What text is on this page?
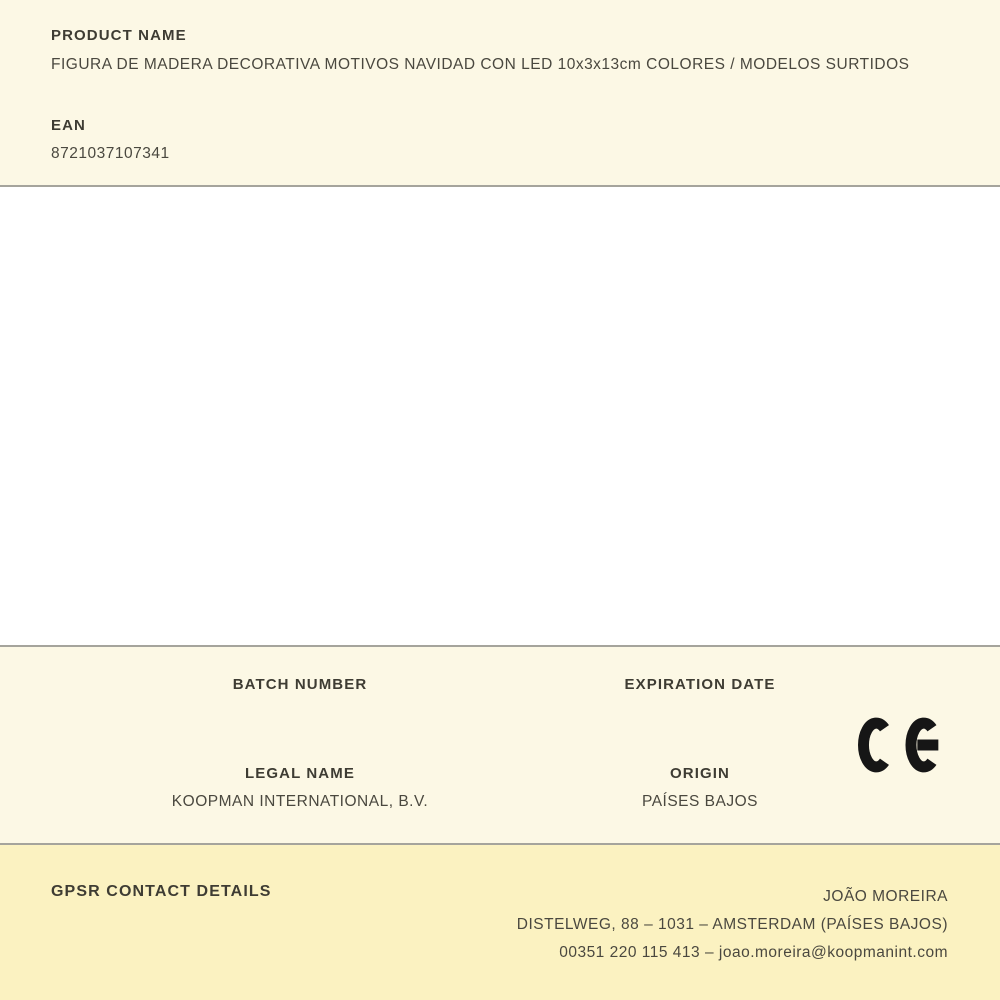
PRODUCT NAME
FIGURA DE MADERA DECORATIVA MOTIVOS NAVIDAD CON LED 10x3x13cm COLORES / MODELOS SURTIDOS
EAN
8721037107341
BATCH NUMBER
LEGAL NAME
KOOPMAN INTERNATIONAL, B.V.
EXPIRATION DATE
ORIGIN
PAÍSES BAJOS
GPSR CONTACT DETAILS	JOÃO MOREIRA
DISTELWEG, 88 – 1031 – AMSTERDAM (PAÍSES BAJOS)
00351 220 115 413 – joao.moreira@koopmanint.com
